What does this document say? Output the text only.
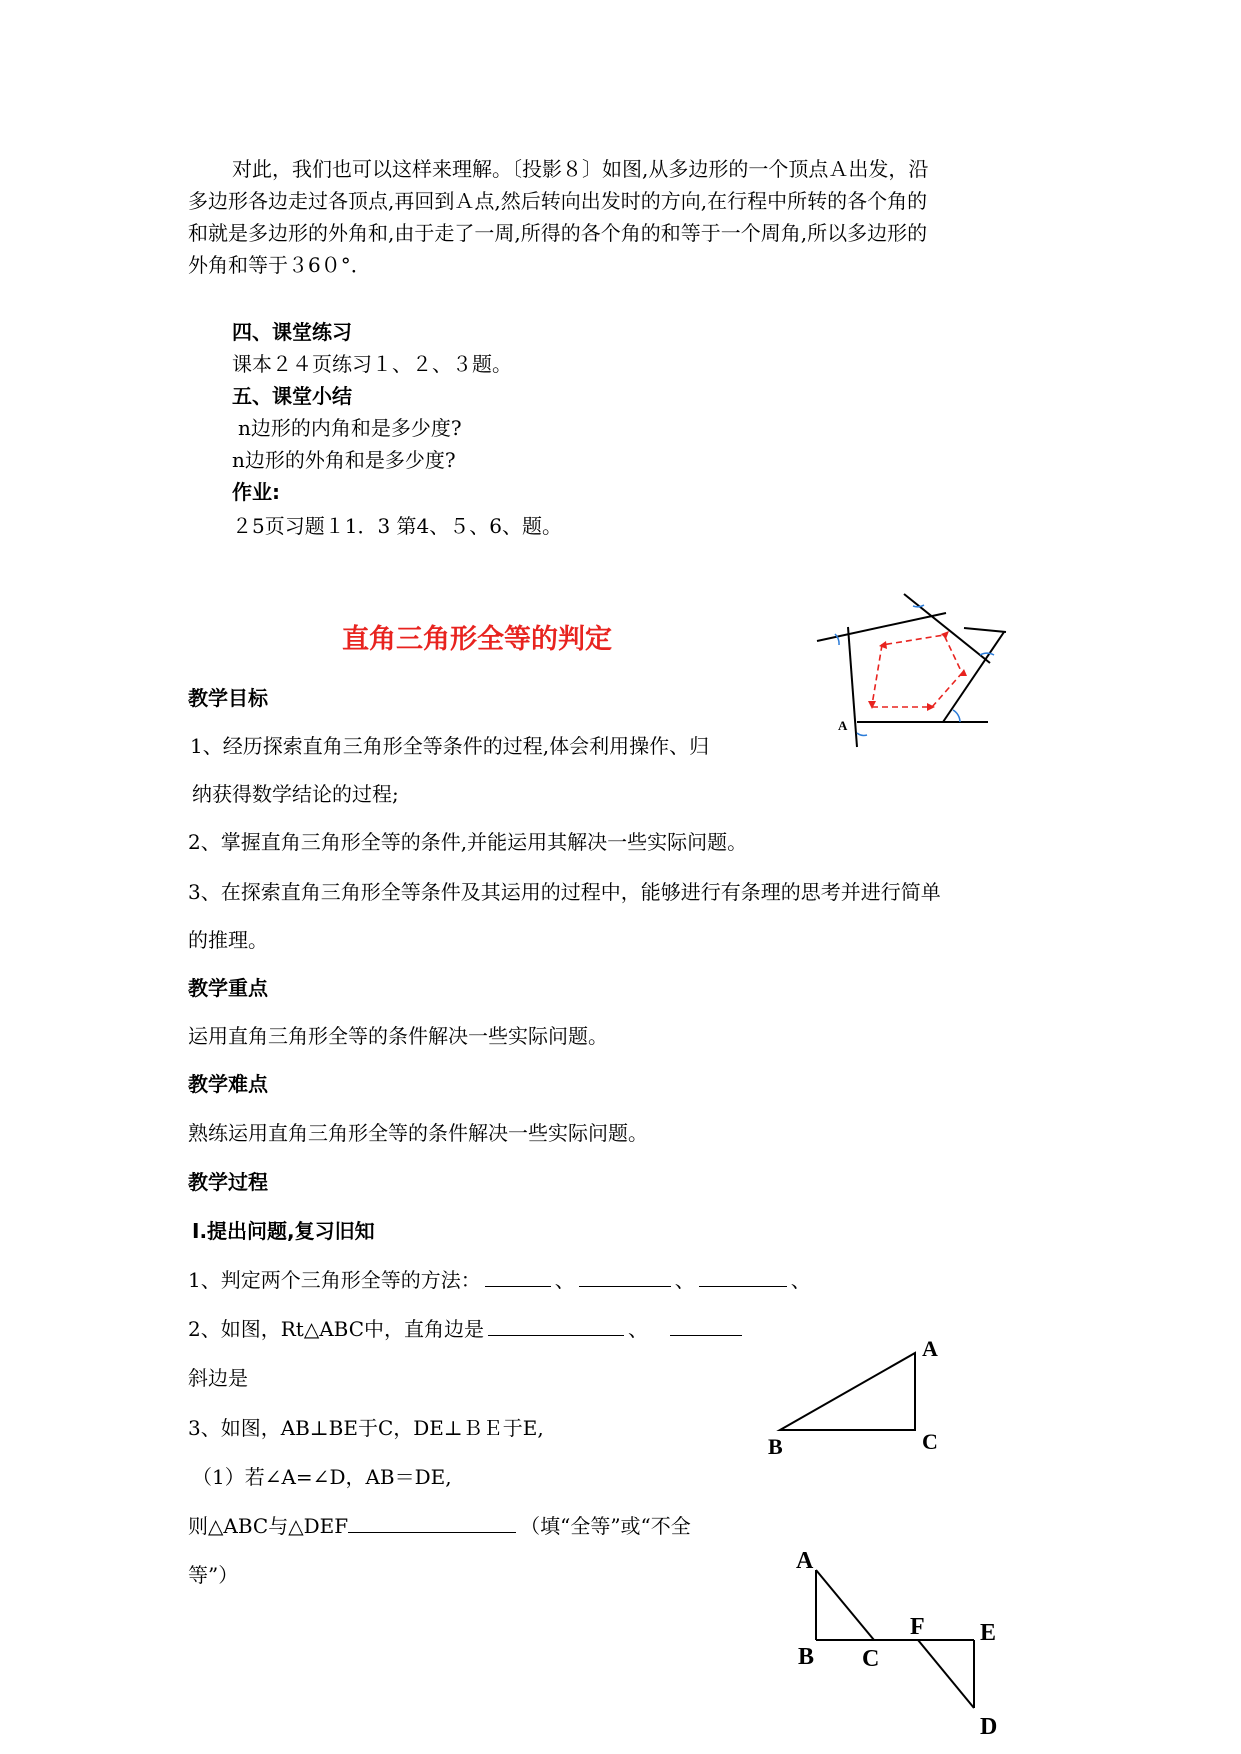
对此，我们也可以这样来理解。〔投影８〕如图,从多边形的一个顶点Ａ出发，沿
多边形各边走过各顶点,再回到Ａ点,然后转向出发时的方向,在行程中所转的各个角的
和就是多边形的外角和,由于走了一周,所得的各个角的和等于一个周角,所以多边形的
外角和等于３6０°．
四、课堂练习
课本２４页练习１、２、３题。
五、课堂小结
n边形的内角和是多少度?
n边形的外角和是多少度?
作业:
２5页习题１1．3 第4、５、6、题。
直角三角形全等的判定
A
教学目标
1、经历探索直角三角形全等条件的过程,体会利用操作、归
纳获得数学结论的过程;
2、掌握直角三角形全等的条件,并能运用其解决一些实际问题。
3、在探索直角三角形全等条件及其运用的过程中，能够进行有条理的思考并进行简单
的推理。
教学重点
运用直角三角形全等的条件解决一些实际问题。
教学难点
熟练运用直角三角形全等的条件解决一些实际问题。
教学过程
Ⅰ.提出问题,复习旧知
1、判定两个三角形全等的方法：	、	、	、
2、如图，Rt△ABC中，直角边是	、
斜边是
A
B	C
3、如图，AB⊥BE于C，DE⊥ＢＥ于E,
（1）若∠A=∠D，AB＝DE,
则△ABC与△DEF	（填“全等”或“不全
等”）
A
B C
F E
D
